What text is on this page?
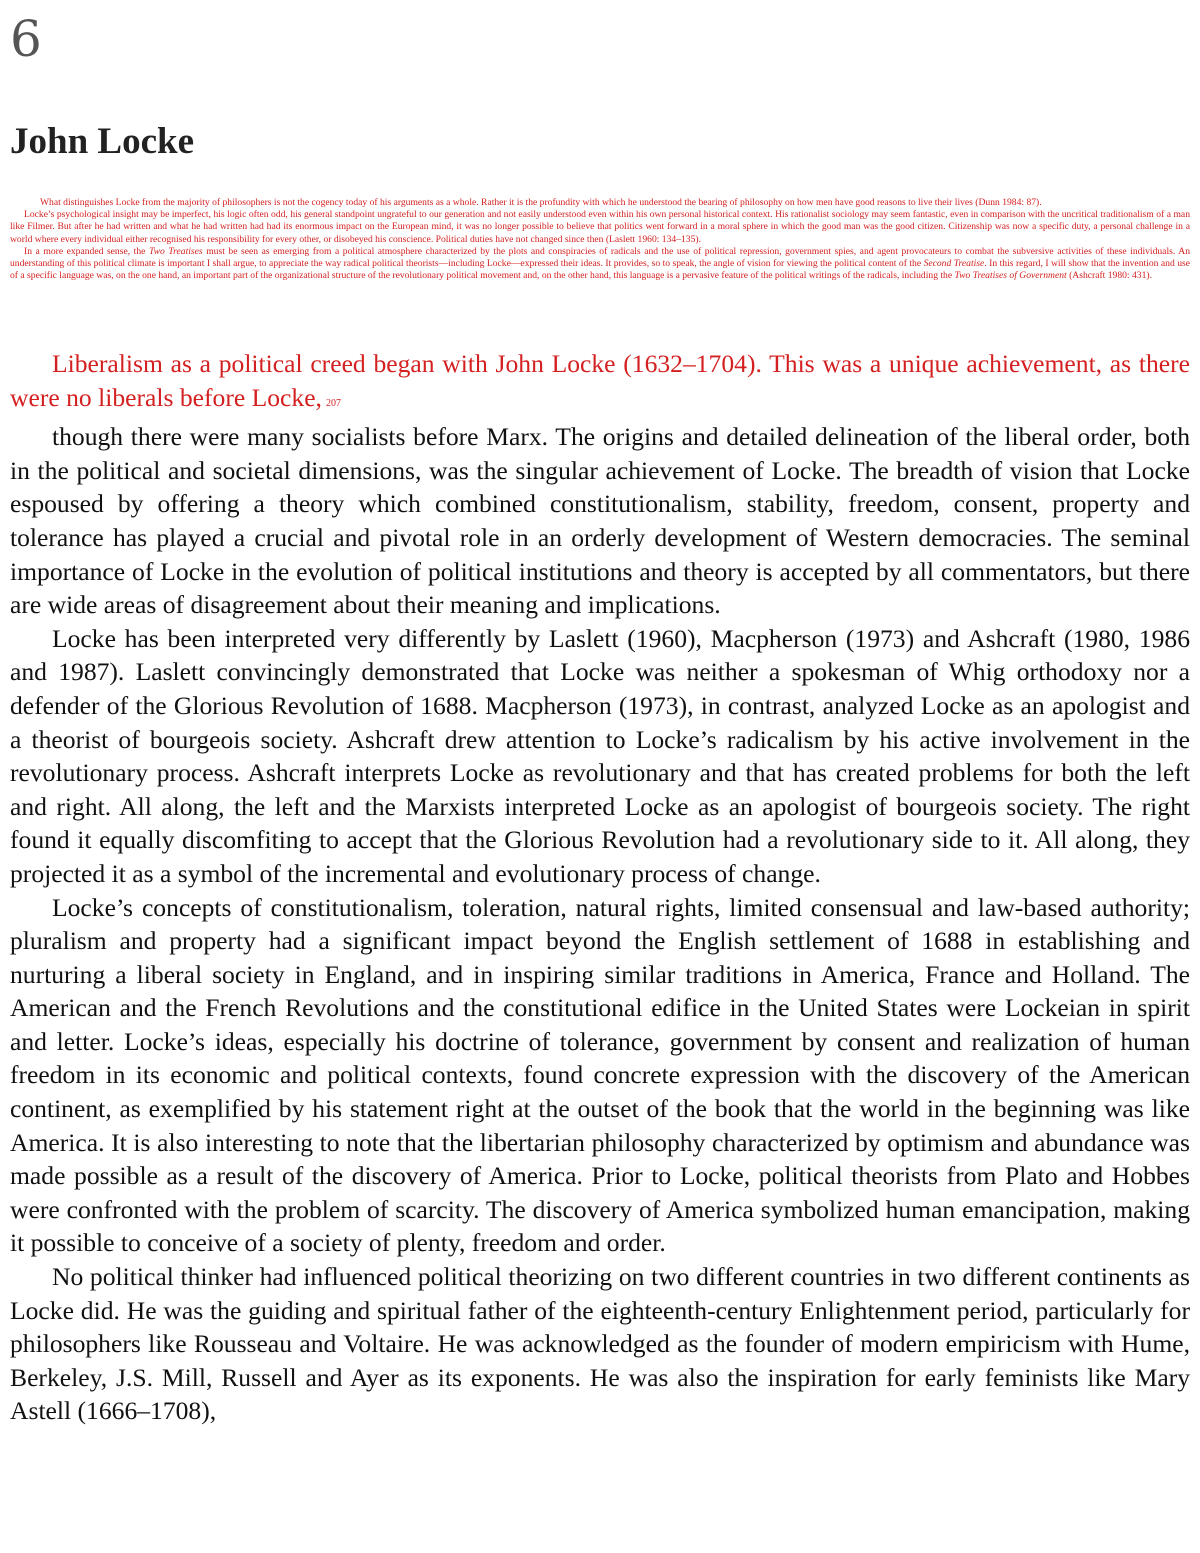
6
John Locke

What distinguishes Locke from the majority of philosophers is not the cogency today of his arguments as a whole. Rather it is the profundity with which he understood the bearing of philosophy on how men have good reasons to live their lives (Dunn 1984: 87).

Locke’s psychological insight may be imperfect, his logic often odd, his general standpoint ungrateful to our generation and not easily understood even within his own personal historical context. His rationalist sociology may seem fantastic, even in comparison with the uncritical traditionalism of a man like Filmer. But after he had written and what he had written had had its enormous impact on the European mind, it was no longer possible to believe that politics went forward in a moral sphere in which the good man was the good citizen. Citizenship was now a specific duty, a personal challenge in a world where every individual either recognised his responsibility for every other, or disobeyed his conscience. Political duties have not changed since then (Laslett 1960: 134–135).

In a more expanded sense, the Two Treatises must be seen as emerging from a political atmosphere characterized by the plots and conspiracies of radicals and the use of political repression, government spies, and agent provocateurs to combat the subversive activities of these individuals. An understanding of this political climate is important I shall argue, to appreciate the way radical political theorists—including Locke—expressed their ideas. It provides, so to speak, the angle of vision for viewing the political content of the Second Treatise. In this regard, I will show that the invention and use of a specific language was, on the one hand, an important part of the organizational structure of the revolutionary political movement and, on the other hand, this language is a pervasive feature of the political writings of the radicals, including the Two Treatises of Government (Ashcraft 1980: 431).

Liberalism as a political creed began with John Locke (1632–1704). This was a unique achievement, as there were no liberals before Locke, 207

though there were many socialists before Marx. The origins and detailed delineation of the liberal order, both in the political and societal dimensions, was the singular achievement of Locke. The breadth of vision that Locke espoused by offering a theory which combined constitutionalism, stability, freedom, consent, property and tolerance has played a crucial and pivotal role in an orderly development of Western democracies. The seminal importance of Locke in the evolution of political institutions and theory is accepted by all commentators, but there are wide areas of disagreement about their meaning and implications.

Locke has been interpreted very differently by Laslett (1960), Macpherson (1973) and Ashcraft (1980, 1986 and 1987). Laslett convincingly demonstrated that Locke was neither a spokesman of Whig orthodoxy nor a defender of the Glorious Revolution of 1688. Macpherson (1973), in contrast, analyzed Locke as an apologist and a theorist of bourgeois society. Ashcraft drew attention to Locke’s radicalism by his active involvement in the revolutionary process. Ashcraft interprets Locke as revolutionary and that has created problems for both the left and right. All along, the left and the Marxists interpreted Locke as an apologist of bourgeois society. The right found it equally discomfiting to accept that the Glorious Revolution had a revolutionary side to it. All along, they projected it as a symbol of the incremental and evolutionary process of change.

Locke’s concepts of constitutionalism, toleration, natural rights, limited consensual and law-based authority; pluralism and property had a significant impact beyond the English settlement of 1688 in establishing and nurturing a liberal society in England, and in inspiring similar traditions in America, France and Holland. The American and the French Revolutions and the constitutional edifice in the United States were Lockeian in spirit and letter. Locke’s ideas, especially his doctrine of tolerance, government by consent and realization of human freedom in its economic and political contexts, found concrete expression with the discovery of the American continent, as exemplified by his statement right at the outset of the book that the world in the beginning was like America. It is also interesting to note that the libertarian philosophy characterized by optimism and abundance was made possible as a result of the discovery of America. Prior to Locke, political theorists from Plato and Hobbes were confronted with the problem of scarcity. The discovery of America symbolized human emancipation, making it possible to conceive of a society of plenty, freedom and order.

No political thinker had influenced political theorizing on two different countries in two different continents as Locke did. He was the guiding and spiritual father of the eighteenth-century Enlightenment period, particularly for philosophers like Rousseau and Voltaire. He was acknowledged as the founder of modern empiricism with Hume, Berkeley, J.S. Mill, Russell and Ayer as its exponents. He was also the inspiration for early feminists like Mary Astell (1666–1708),
